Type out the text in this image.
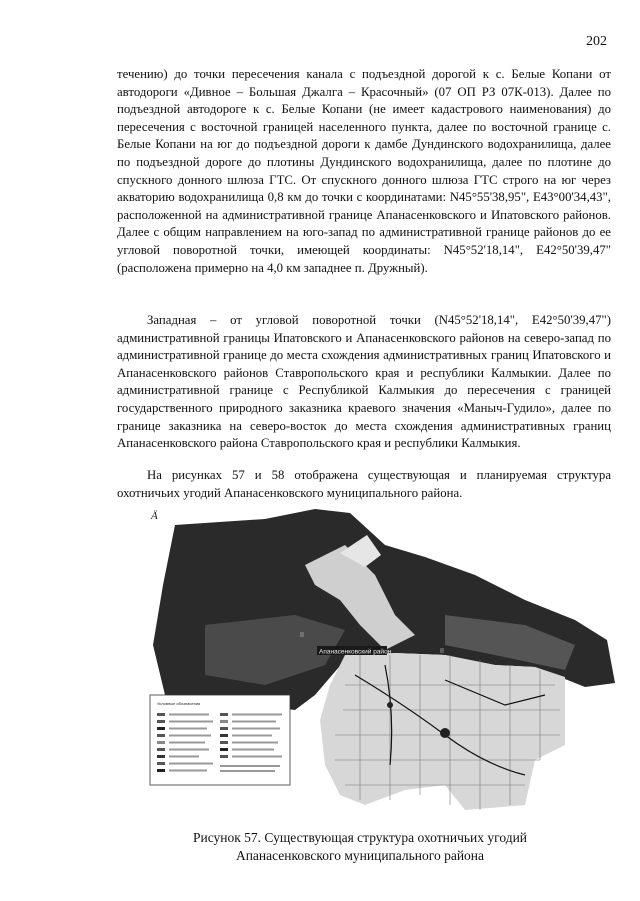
202

течению) до точки пересечения канала с подъездной дорогой к с. Белые Копани от автодороги «Дивное – Большая Джалга – Красочный» (07 ОП РЗ 07К-013). Далее по подъездной автодороге к с. Белые Копани (не имеет кадастрового наименования) до пересечения с восточной границей населенного пункта, далее по восточной границе с. Белые Копани на юг до подъездной дороги к дамбе Дундинского водохранилища, далее по подъездной дороге до плотины Дундинского водохранилища, далее по плотине до спускного донного шлюза ГТС. От спускного донного шлюза ГТС строго на юг через акваторию водохранилища 0,8 км до точки с координатами: N45°55'38,95", E43°00'34,43", расположенной на административной границе Апанасенковского и Ипатовского районов. Далее с общим направлением на юго-запад по административной границе районов до ее угловой поворотной точки, имеющей координаты: N45°52'18,14", E42°50'39,47" (расположена примерно на 4,0 км западнее п. Дружный).

Западная – от угловой поворотной точки (N45°52'18,14", E42°50'39,47") административной границы Ипатовского и Апанасенковского районов на северо-запад по административной границе до места схождения административных границ Ипатовского и Апанасенковского районов Ставропольского края и республики Калмыкии. Далее по административной границе с Республикой Калмыкия до пересечения с границей государственного природного заказника краевого значения «Маныч-Гудило», далее по границе заказника на северо-восток до места схождения административных границ Апанасенковского района Ставропольского края и республики Калмыкия.

На рисунках 57 и 58 отображена существующая и планируемая структура охотничьих угодий Апанасенковского муниципального района.

Ä
Апанасенковский район
II
II
Условные обозначения
Рисунок 57. Существующая структура охотничьих угодий
Апанасенковского муниципального района
